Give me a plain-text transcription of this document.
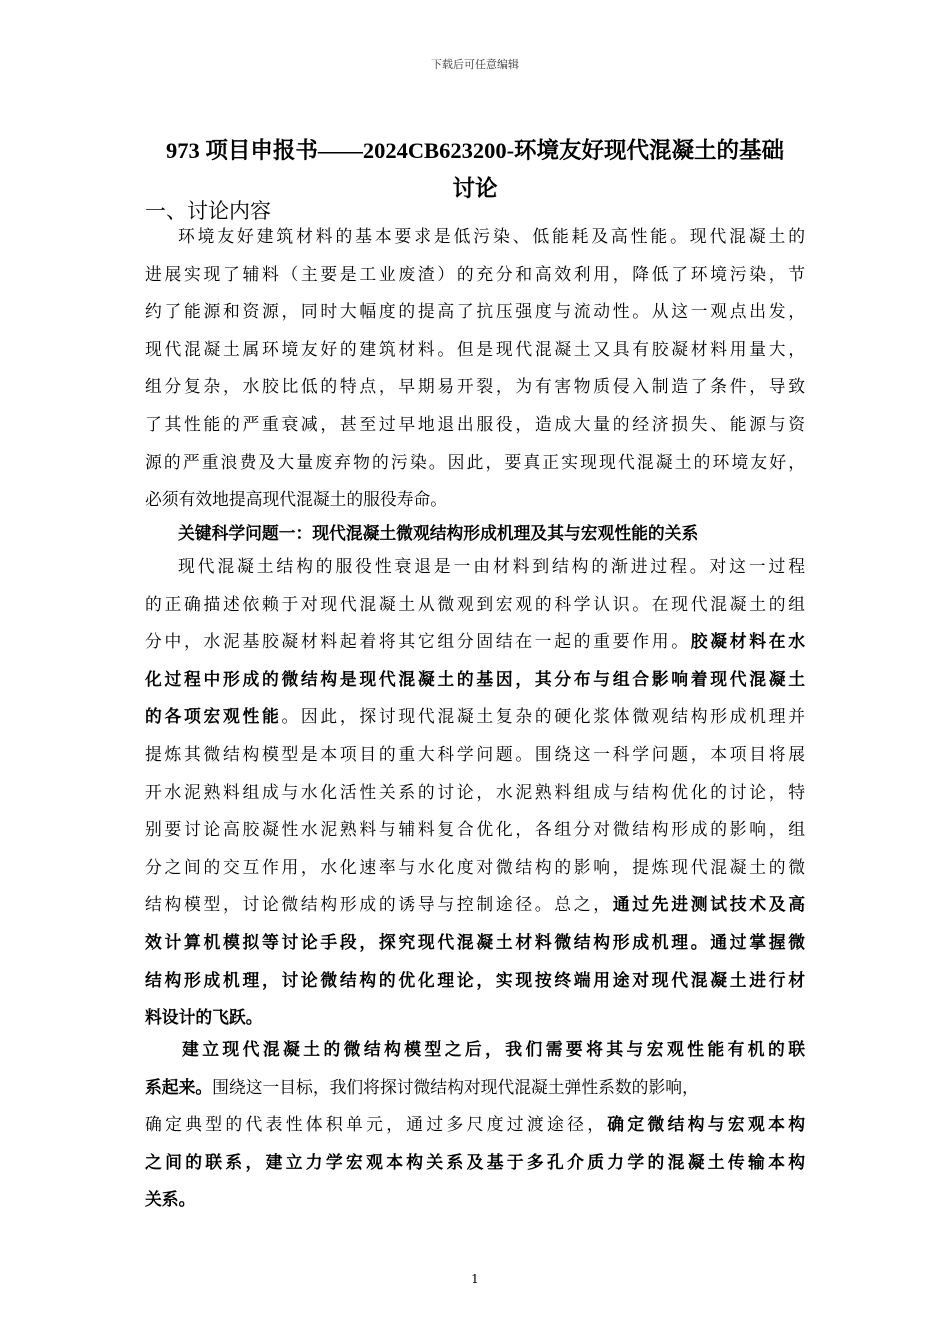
下载后可任意编辑
973 项目申报书——2024CB623200-环境友好现代混凝土的基础
讨论
一、讨论内容
环境友好建筑材料的基本要求是低污染、低能耗及高性能。现代混凝土的
进展实现了辅料（主要是工业废渣）的充分和高效利用，降低了环境污染，节
约了能源和资源，同时大幅度的提高了抗压强度与流动性。从这一观点出发，
现代混凝土属环境友好的建筑材料。但是现代混凝土又具有胶凝材料用量大，
组分复杂，水胶比低的特点，早期易开裂，为有害物质侵入制造了条件，导致
了其性能的严重衰减，甚至过早地退出服役，造成大量的经济损失、能源与资
源的严重浪费及大量废弃物的污染。因此，要真正实现现代混凝土的环境友好，
必须有效地提高现代混凝土的服役寿命。
关键科学问题一：现代混凝土微观结构形成机理及其与宏观性能的关系
现代混凝土结构的服役性衰退是一由材料到结构的渐进过程。对这一过程
的正确描述依赖于对现代混凝土从微观到宏观的科学认识。在现代混凝土的组
分中，水泥基胶凝材料起着将其它组分固结在一起的重要作用。胶凝材料在水
化过程中形成的微结构是现代混凝土的基因，其分布与组合影响着现代混凝土
的各项宏观性能。因此，探讨现代混凝土复杂的硬化浆体微观结构形成机理并
提炼其微结构模型是本项目的重大科学问题。围绕这一科学问题，本项目将展
开水泥熟料组成与水化活性关系的讨论，水泥熟料组成与结构优化的讨论，特
别要讨论高胶凝性水泥熟料与辅料复合优化，各组分对微结构形成的影响，组
分之间的交互作用，水化速率与水化度对微结构的影响，提炼现代混凝土的微
结构模型，讨论微结构形成的诱导与控制途径。总之，通过先进测试技术及高
效计算机模拟等讨论手段，探究现代混凝土材料微结构形成机理。通过掌握微
结构形成机理，讨论微结构的优化理论，实现按终端用途对现代混凝土进行材
料设计的飞跃。
建立现代混凝土的微结构模型之后，我们需要将其与宏观性能有机的联
系起来。围绕这一目标，我们将探讨微结构对现代混凝土弹性系数的影响，
确定典型的代表性体积单元，通过多尺度过渡途径，确定微结构与宏观本构
之间的联系，建立力学宏观本构关系及基于多孔介质力学的混凝土传输本构
关系。
1
